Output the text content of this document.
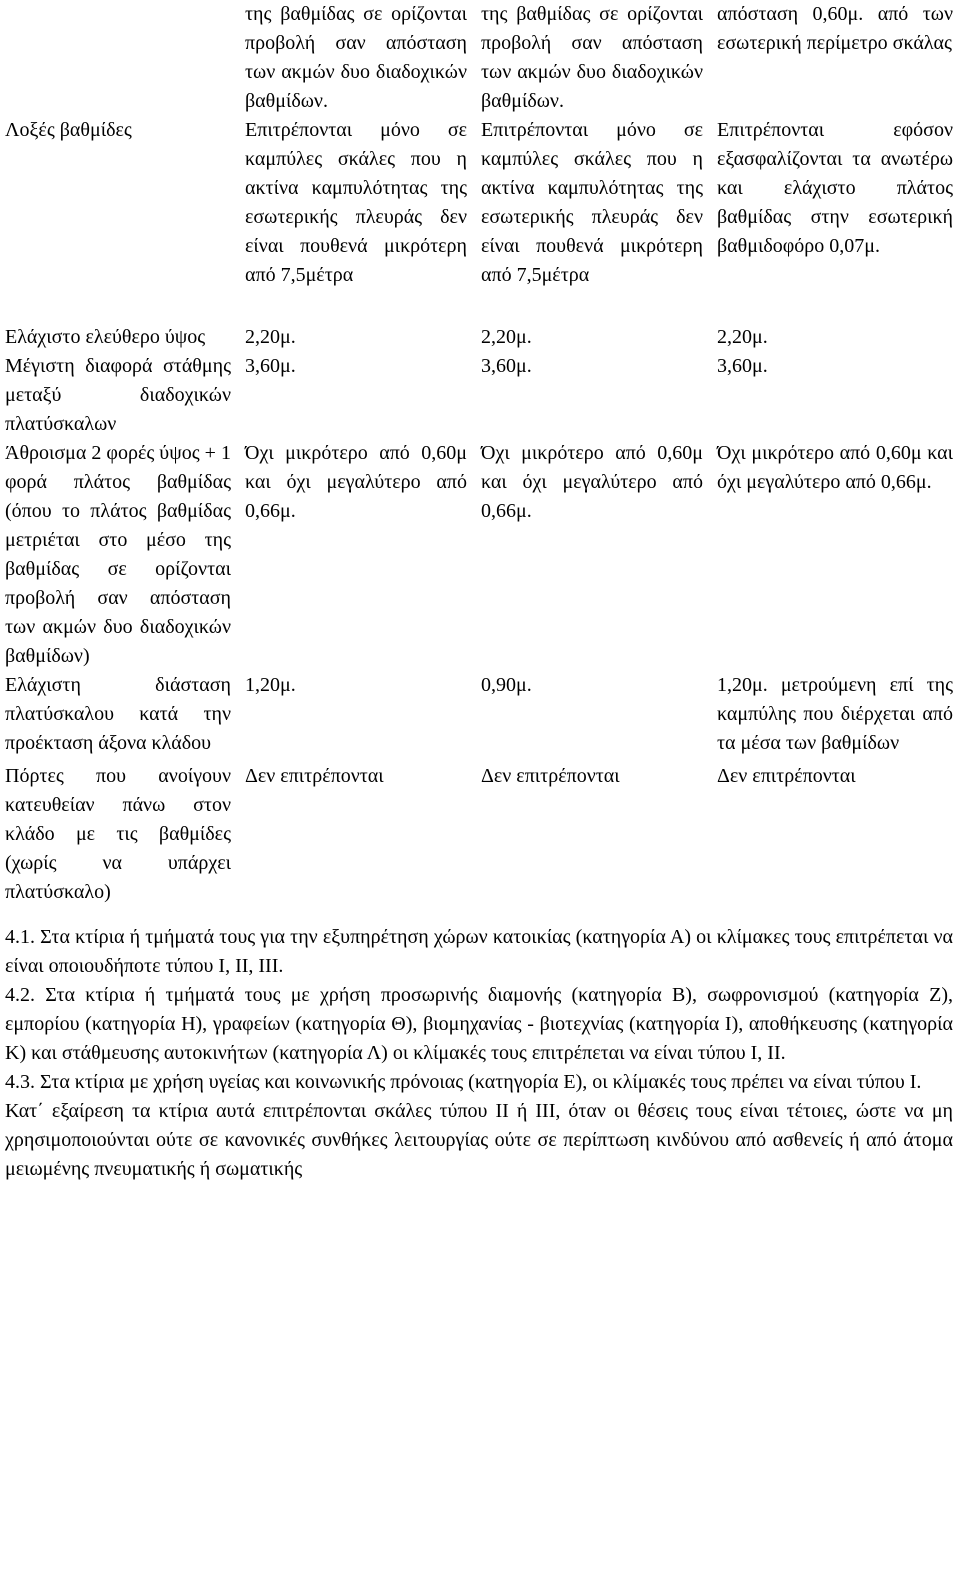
		της βαθμίδας σε ορίζονται προβολή σαν απόσταση των ακμών δυο διαδοχικών βαθμίδων.		της βαθμίδας σε ορίζονται προβολή σαν απόσταση των ακμών δυο διαδοχικών βαθμίδων.		απόσταση 0,60μ. από των εσωτερική περίμετρο σκάλας
Λοξές βαθμίδες		Επιτρέπονται μόνο σε καμπύλες σκάλες που η ακτίνα καμπυλότητας της εσωτερικής πλευράς δεν είναι πουθενά μικρότερη από 7,5μέτρα		Επιτρέπονται μόνο σε καμπύλες σκάλες που η ακτίνα καμπυλότητας της εσωτερικής πλευράς δεν είναι πουθενά μικρότερη από 7,5μέτρα		Επιτρέπονται εφόσον εξασφαλίζονται τα ανωτέρω και ελάχιστο πλάτος βαθμίδας στην εσωτερική βαθμιδοφόρο 0,07μ.
Ελάχιστο ελεύθερο ύψος		2,20μ.		2,20μ.		2,20μ.
Μέγιστη διαφορά στάθμης μεταξύ διαδοχικών πλατύσκαλων		3,60μ.		3,60μ.		3,60μ.
Άθροισμα 2 φορές ύψος + 1 φορά πλάτος βαθμίδας (όπου το πλάτος βαθμίδας μετριέται στο μέσο της βαθμίδας σε ορίζονται προβολή σαν απόσταση των ακμών δυο διαδοχικών βαθμίδων)		Όχι μικρότερο από 0,60μ και όχι μεγαλύτερο από 0,66μ.		Όχι μικρότερο από 0,60μ και όχι μεγαλύτερο από 0,66μ.		Όχι μικρότερο από 0,60μ και όχι μεγαλύτερο από 0,66μ.
Ελάχιστη διάσταση πλατύσκαλου κατά την προέκταση άξονα κλάδου		1,20μ.		0,90μ.		1,20μ. μετρούμενη επί της καμπύλης που διέρχεται από τα μέσα των βαθμίδων
Πόρτες που ανοίγουν κατευθείαν πάνω στον κλάδο με τις βαθμίδες (χωρίς να υπάρχει πλατύσκαλο)		Δεν επιτρέπονται		Δεν επιτρέπονται		Δεν επιτρέπονται

4.1. Στα κτίρια ή τμήματά τους για την εξυπηρέτηση χώρων κατοικίας (κατηγορία Α) οι κλίμακες τους επιτρέπεται να είναι οποιουδήποτε τύπου Ι, ΙΙ, ΙΙΙ.

4.2. Στα κτίρια ή τμήματά τους με χρήση προσωρινής διαμονής (κατηγορία Β), σωφρονισμού (κατηγορία Ζ), εμπορίου (κατηγορία Η), γραφείων (κατηγορία Θ), βιομηχανίας - βιοτεχνίας (κατηγορία Ι), αποθήκευσης (κατηγορία Κ) και στάθμευσης αυτοκινήτων (κατηγορία Λ) οι κλίμακές τους επιτρέπεται να είναι τύπου Ι, ΙΙ.

4.3. Στα κτίρια με χρήση υγείας και κοινωνικής πρόνοιας (κατηγορία Ε), οι κλίμακές τους πρέπει να είναι τύπου Ι.

Κατ΄ εξαίρεση τα κτίρια αυτά επιτρέπονται σκάλες τύπου ΙΙ ή ΙΙΙ, όταν οι θέσεις τους είναι τέτοιες, ώστε να μη χρησιμοποιούνται ούτε σε κανονικές συνθήκες λειτουργίας ούτε σε περίπτωση κινδύνου από ασθενείς ή από άτομα μειωμένης πνευματικής ή σωματικής
